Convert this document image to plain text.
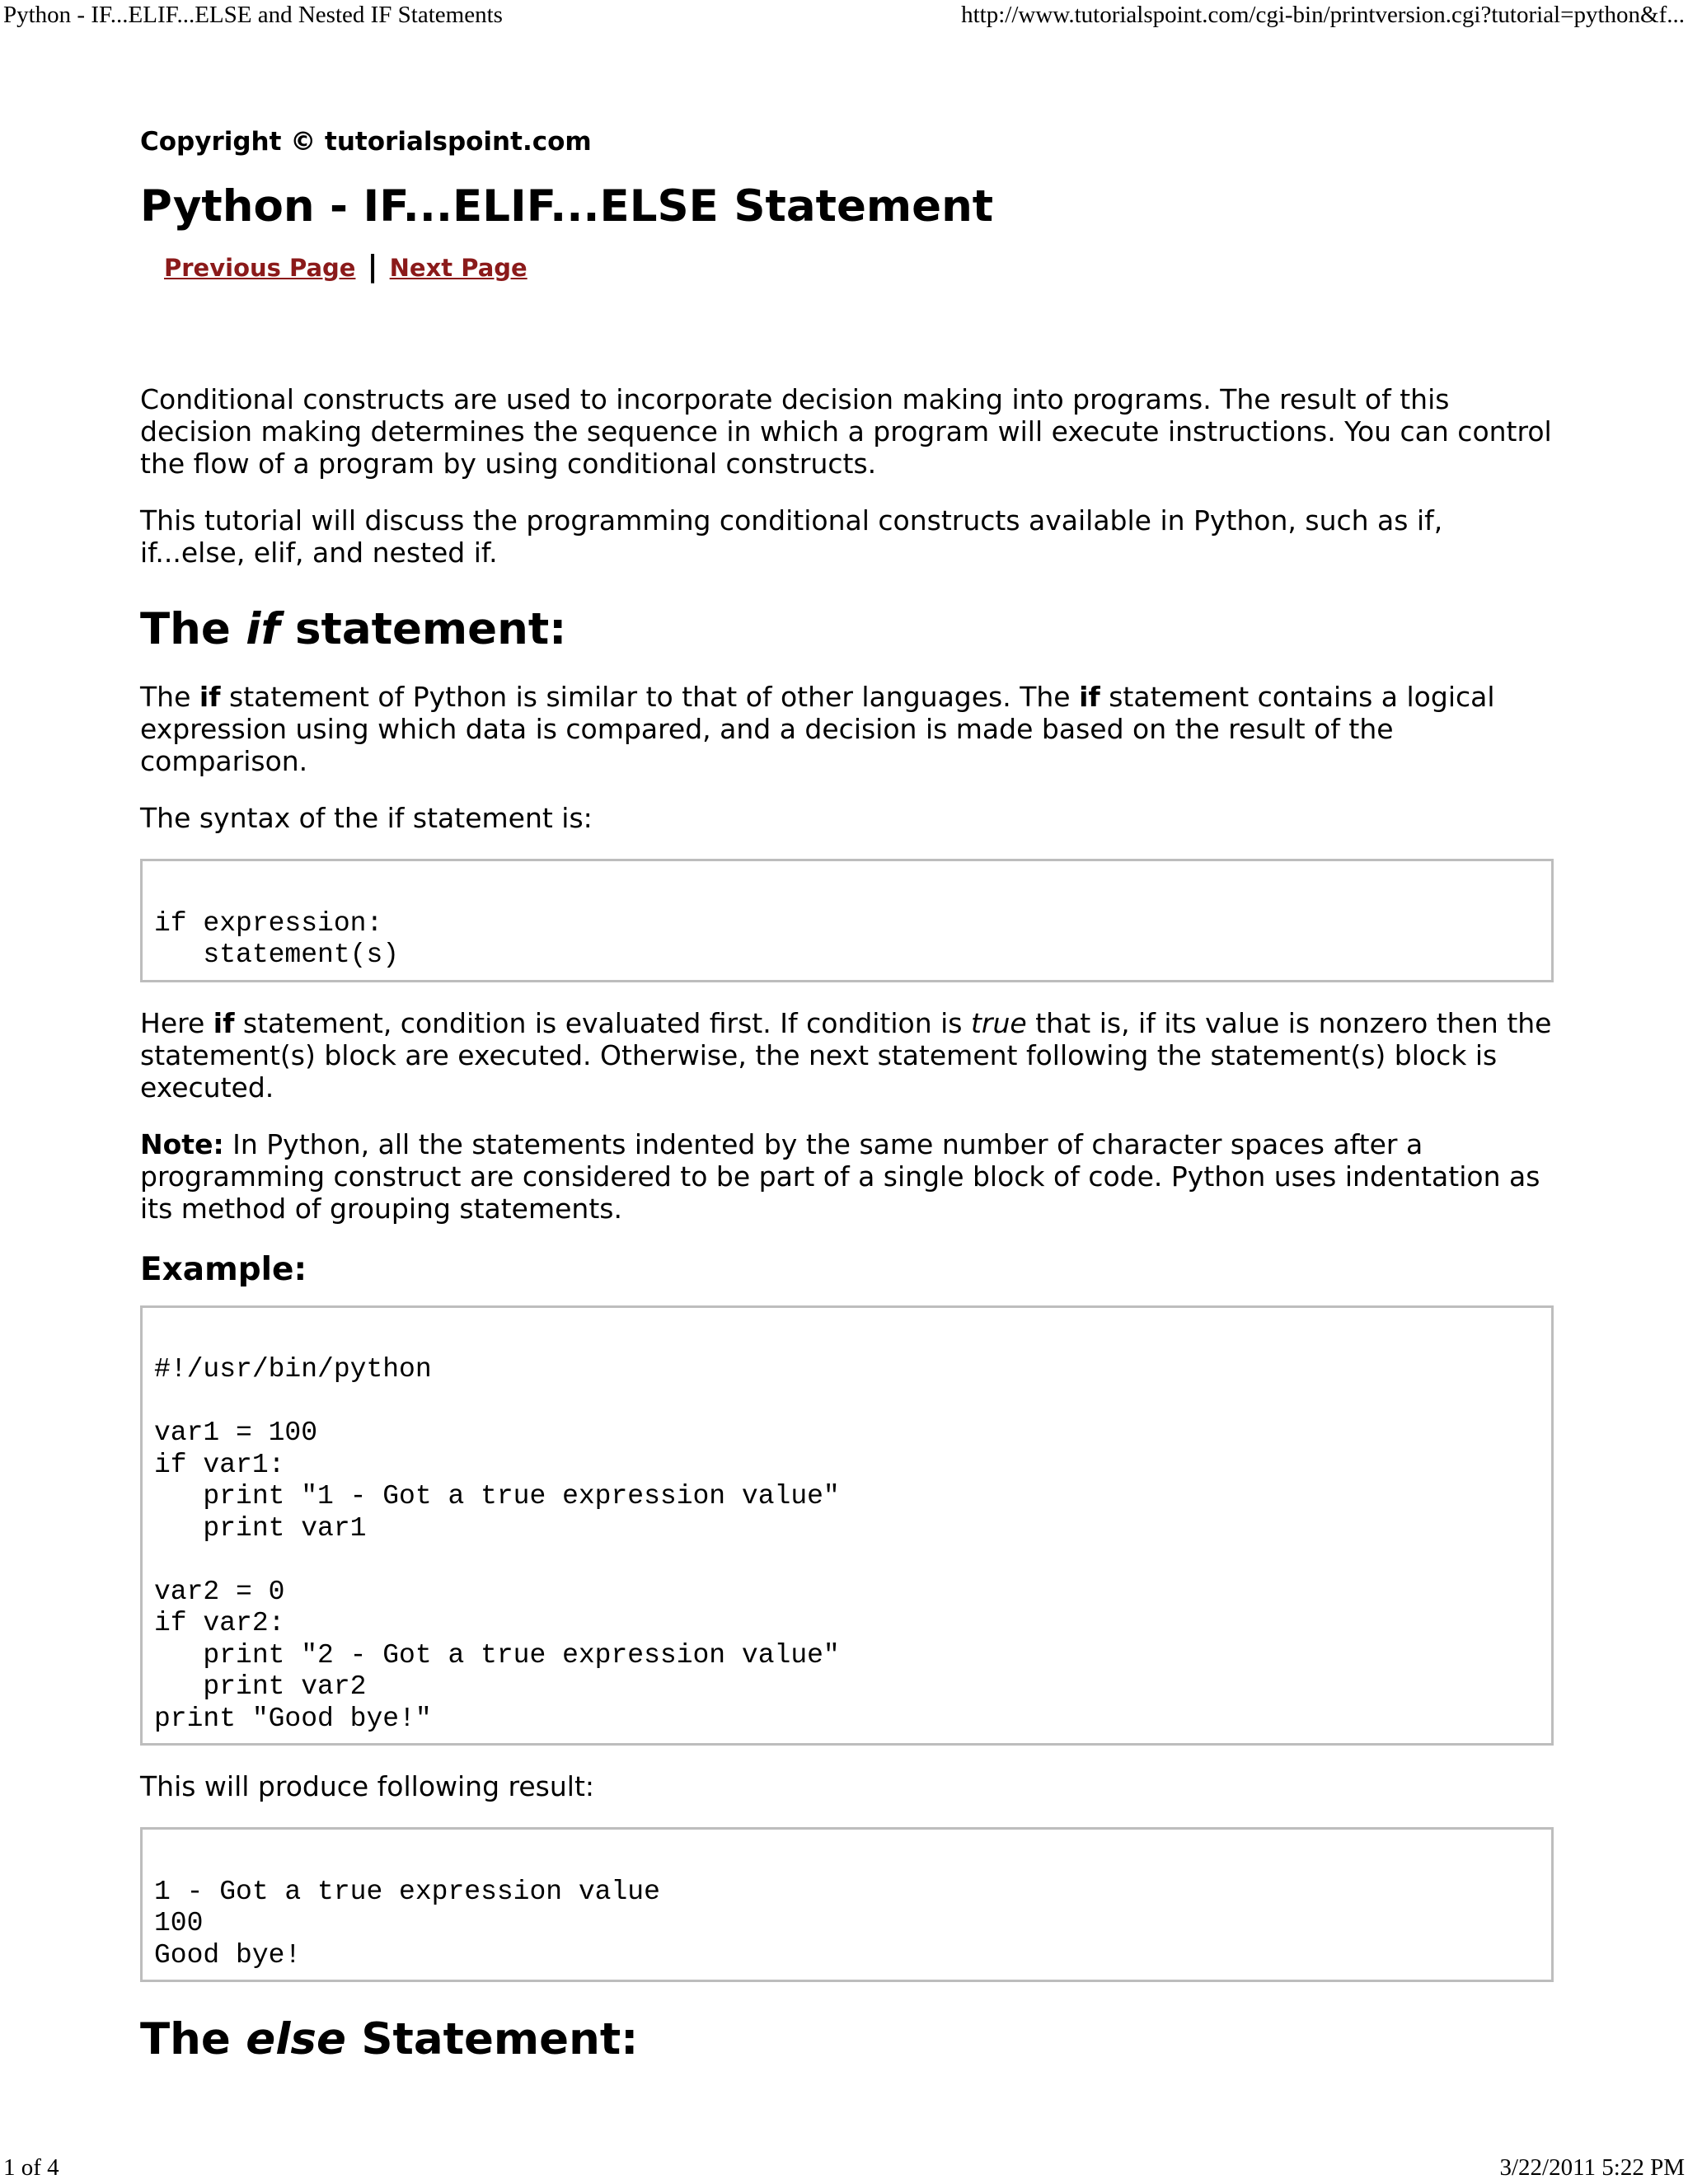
Python - IF...ELIF...ELSE and Nested IF Statements	http://www.tutorialspoint.com/cgi-bin/printversion.cgi?tutorial=python&f...

Copyright © tutorialspoint.com

Python - IF...ELIF...ELSE Statement
Previous Page | Next Page

Conditional constructs are used to incorporate decision making into programs. The result of this decision making determines the sequence in which a program will execute instructions. You can control the flow of a program by using conditional constructs.

This tutorial will discuss the programming conditional constructs available in Python, such as if, if...else, elif, and nested if.

The if statement:

The if statement of Python is similar to that of other languages. The if statement contains a logical expression using which data is compared, and a decision is made based on the result of the comparison.

The syntax of the if statement is:

if expression:
statement(s)

Here if statement, condition is evaluated first. If condition is true that is, if its value is nonzero then the statement(s) block are executed. Otherwise, the next statement following the statement(s) block is executed.

Note: In Python, all the statements indented by the same number of character spaces after a programming construct are considered to be part of a single block of code. Python uses indentation as its method of grouping statements.

Example:
#!/usr/bin/python
var1 = 100
if var1:
print "1 - Got a true expression value"
print var1
var2 = 0
if var2:
print "2 - Got a true expression value"
print var2
print "Good bye!"

This will produce following result:

1 - Got a true expression value
100
Good bye!
The else Statement:
1 of 4	3/22/2011 5:22 PM
